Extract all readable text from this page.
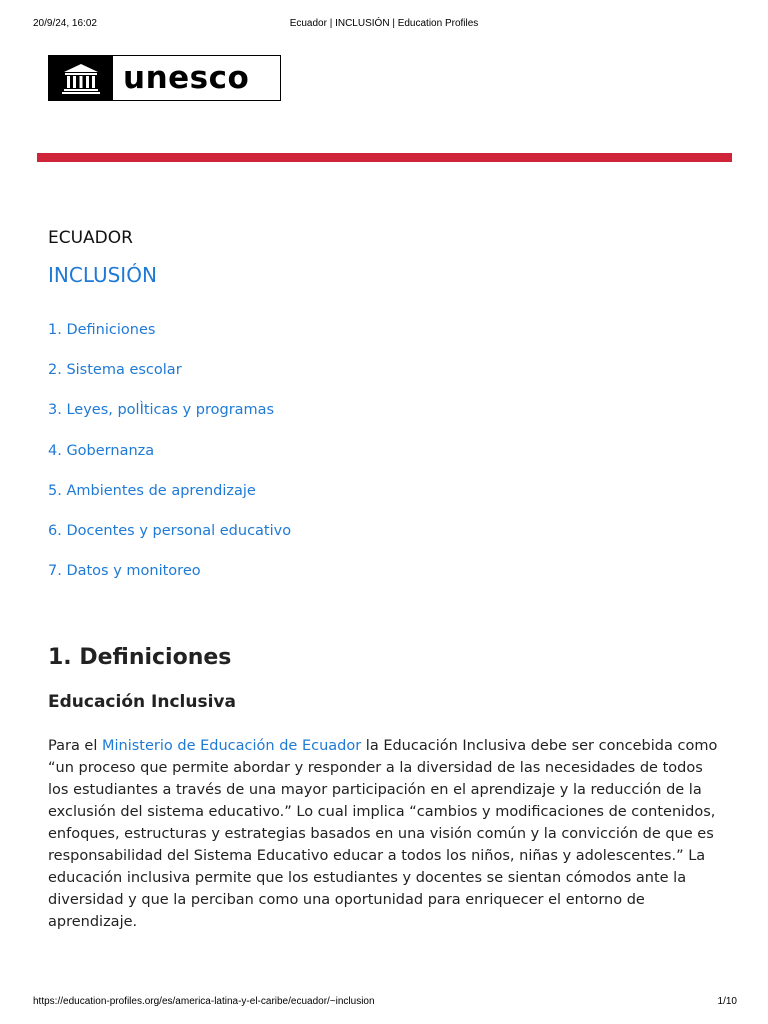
20/9/24, 16:02	Ecuador | INCLUSIÓN | Education Profiles
unesco
ECUADOR
INCLUSIÓN
1. Definiciones
2. Sistema escolar
3. Leyes, polÌticas y programas
4. Gobernanza
5. Ambientes de aprendizaje
6. Docentes y personal educativo
7. Datos y monitoreo
1. Definiciones
Educación Inclusiva

Para el Ministerio de Educación de Ecuador la Educación Inclusiva debe ser concebida como
“un proceso que permite abordar y responder a la diversidad de las necesidades de todos
los estudiantes a través de una mayor participación en el aprendizaje y la reducción de la
exclusión del sistema educativo.” Lo cual implica “cambios y modificaciones de contenidos,
enfoques, estructuras y estrategias basados en una visión común y la convicción de que es
responsabilidad del Sistema Educativo educar a todos los niños, niñas y adolescentes.” La
educación inclusiva permite que los estudiantes y docentes se sientan cómodos ante la
diversidad y que la perciban como una oportunidad para enriquecer el entorno de
aprendizaje.

https://education-profiles.org/es/america-latina-y-el-caribe/ecuador/~inclusion	1/10
